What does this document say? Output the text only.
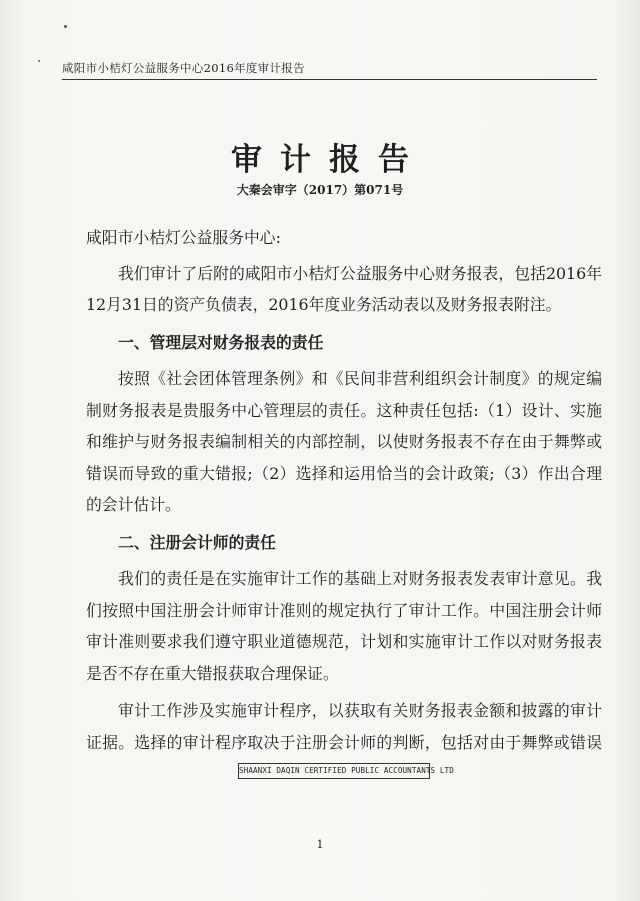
咸阳市小桔灯公益服务中心2016年度审计报告
审计报告
大秦会审字（2017）第071号

咸阳市小桔灯公益服务中心:

我们审计了后附的咸阳市小桔灯公益服务中心财务报表，包括2016年
12月31日的资产负债表，2016年度业务活动表以及财务报表附注。

一、管理层对财务报表的责任

按照《社会团体管理条例》和《民间非营利组织会计制度》的规定编
制财务报表是贵服务中心管理层的责任。这种责任包括:（1）设计、实施
和维护与财务报表编制相关的内部控制，以使财务报表不存在由于舞弊或
错误而导致的重大错报;（2）选择和运用恰当的会计政策;（3）作出合理
的会计估计。

二、注册会计师的责任

我们的责任是在实施审计工作的基础上对财务报表发表审计意见。我
们按照中国注册会计师审计准则的规定执行了审计工作。中国注册会计师
审计准则要求我们遵守职业道德规范，计划和实施审计工作以对财务报表
是否不存在重大错报获取合理保证。

审计工作涉及实施审计程序，以获取有关财务报表金额和披露的审计
证据。选择的审计程序取决于注册会计师的判断，包括对由于舞弊或错误

SHAANXI DAQIN CERTIFIED PUBLIC ACCOUNTANTS LTD
1
